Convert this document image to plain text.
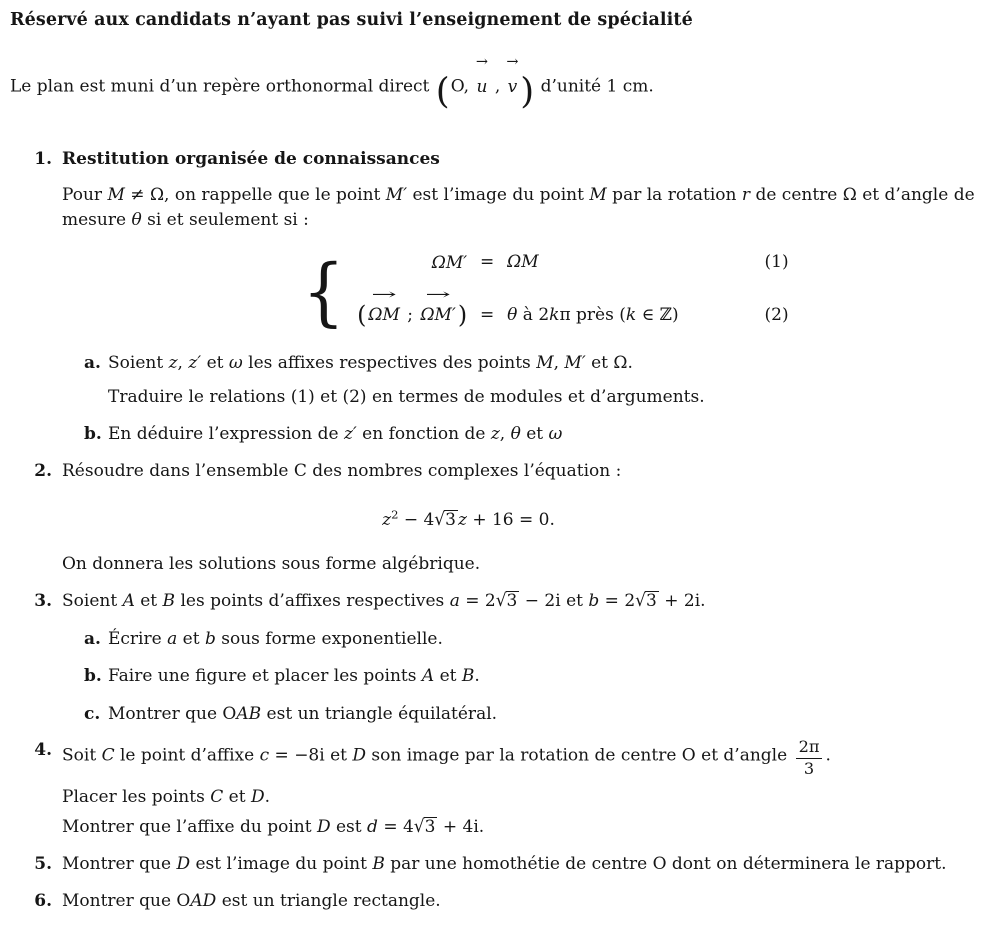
Réservé aux candidats n’ayant pas suivi l’enseignement de spécialité

Le plan est muni d’un repère orthonormal direct (O, → u , → v) d’unité 1 cm.

1. Restitution organisée de connaissances

Pour M ≠ Ω, on rappelle que le point M′ est l’image du point M par la rotation r de centre Ω et d’angle de mesure θ si et seulement si :

{	ΩM′ = ΩM	(1)
( → ΩM ; → ΩM′) = θ à 2kπ près (k ∈ ℤ)	(2)
a. Soient z, z′ et ω les affixes respectives des points M, M′ et Ω.

Traduire le relations (1) et (2) en termes de modules et d’arguments.

b. En déduire l’expression de z′ en fonction de z, θ et ω

2. Résoudre dans l’ensemble C des nombres complexes l’équation :

$z^2 - 4√3$ z + 16 = 0.

On donnera les solutions sous forme algébrique.

3. Soient A et B les points d’affixes respectives a = 2√3 − 2i et b = 2√3 + 2i.

a. Écrire a et b sous forme exponentielle.

b. Faire une figure et placer les points A et B.

c. Montrer que OAB est un triangle équilatéral.

4. Soit C le point d’affixe c = −8i et D son image par la rotation de centre O et d’angle $\frac{2\pi}{3}$ .

Placer les points C et D.

Montrer que l’affixe du point D est d = 4√3 + 4i.

5. Montrer que D est l’image du point B par une homothétie de centre O dont on déterminera le rapport.

6. Montrer que OAD est un triangle rectangle.
